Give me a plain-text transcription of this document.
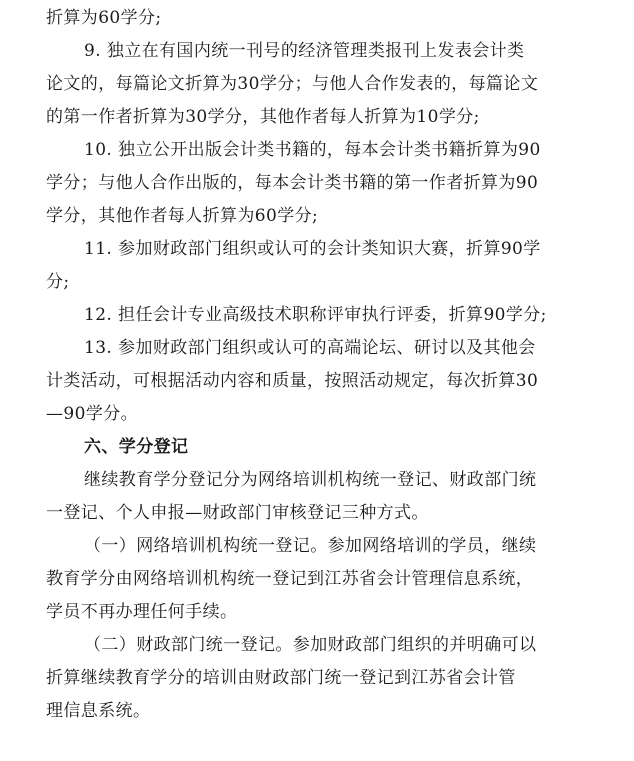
折算为60学分;
9. 独立在有国内统一刊号的经济管理类报刊上发表会计类
论文的，每篇论文折算为30学分；与他人合作发表的，每篇论文
的第一作者折算为30学分，其他作者每人折算为10学分;
10. 独立公开出版会计类书籍的，每本会计类书籍折算为90
学分；与他人合作出版的，每本会计类书籍的第一作者折算为90
学分，其他作者每人折算为60学分;
11. 参加财政部门组织或认可的会计类知识大赛，折算90学
分;
12. 担任会计专业高级技术职称评审执行评委，折算90学分;
13. 参加财政部门组织或认可的高端论坛、研讨以及其他会
计类活动，可根据活动内容和质量，按照活动规定，每次折算30
—90学分。
六、学分登记
继续教育学分登记分为网络培训机构统一登记、财政部门统
一登记、个人申报—财政部门审核登记三种方式。
（一）网络培训机构统一登记。参加网络培训的学员，继续
教育学分由网络培训机构统一登记到江苏省会计管理信息系统，
学员不再办理任何手续。
（二）财政部门统一登记。参加财政部门组织的并明确可以
折算继续教育学分的培训由财政部门统一登记到江苏省会计管
理信息系统。
